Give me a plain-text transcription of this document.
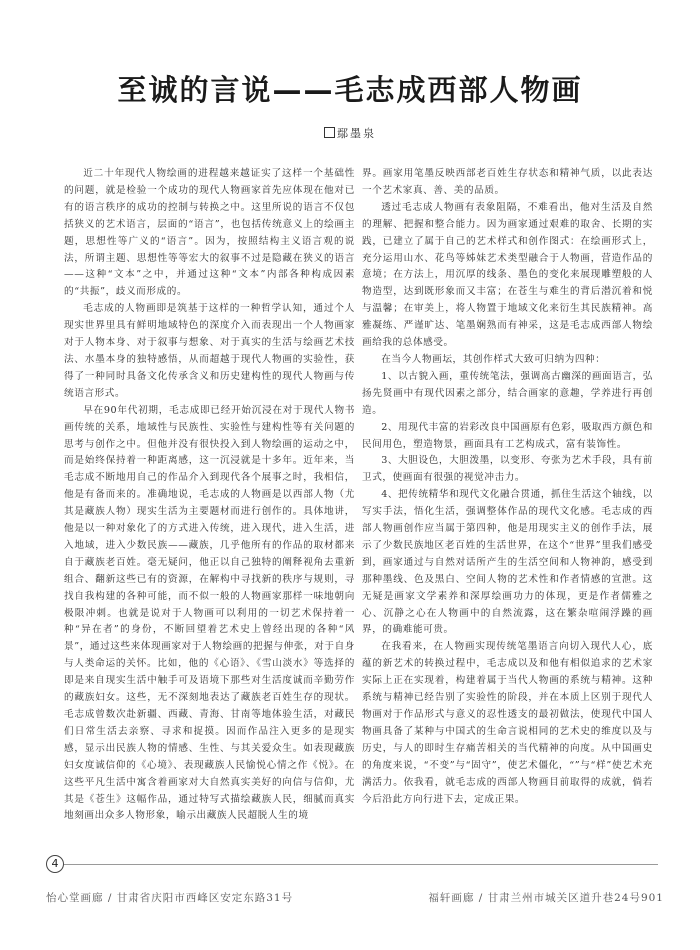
至诚的言说——毛志成西部人物画
鄢墨泉

近二十年现代人物绘画的进程越来越证实了这样一个基础性的问题，就是检验一个成功的现代人物画家首先应体现在他对已有的语言秩序的成功的控制与转换之中。这里所说的语言不仅包括狭义的艺术语言，层面的“语言”，也包括传统意义上的绘画主题，思想性等广义的“语言”。因为，按照结构主义语言观的说法，所谓主题、思想性等等宏大的叙事不过是隐藏在狭义的语言——这种“文本”之中，并通过这种“文本”内部各种构成因素的“共振”，歧义而形成的。

毛志成的人物画即是筑基于这样的一种哲学认知，通过个人现实世界里具有鲜明地域特色的深度介入而表现出一个人物画家对于人物本身、对于叙事与想象、对于真实的生活与绘画艺术技法、水墨本身的独特感悟，从而超越于现代人物画的实验性，获得了一种同时具备文化传承含义和历史建构性的现代人物画与传统语言形式。

早在90年代初期，毛志成即已经开始沉浸在对于现代人物书画传统的关系，地域性与民族性、实验性与建构性等有关问题的思考与创作之中。但他并没有很快投入到人物绘画的运动之中，而是始终保持着一种距离感，这一沉浸就是十多年。近年来，当毛志成不断地用自己的作品介入到现代各个展事之时，我相信，他是有备而来的。准确地说，毛志成的人物画是以西部人物（尤其是藏族人物）现实生活为主要题材而进行创作的。具体地讲，他是以一种对象化了的方式进入传统，进入现代，进入生活，进入地域，进入少数民族——藏族，几乎他所有的作品的取材都来自于藏族老百姓。毫无疑问，他正以自己独特的阐释视角去重新组合、翻新这些已有的资源，在解构中寻找新的秩序与规则，寻找自我构建的各种可能，而不似一般的人物画家那样一味地朝向极限冲刺。也就是说对于人物画可以利用的一切艺术保持着一种“异在者”的身份，不断回望着艺术史上曾经出现的各种“风景”，通过这些来体现画家对于人物绘画的把握与伸张，对于自身与人类命运的关怀。比如，他的《心语》、《雪山淡水》等选择的即是来自现实生活中触手可及语境下那些对生活度诚而辛勤劳作的藏族妇女。这些，无不深刻地表达了藏族老百姓生存的现状。毛志成曾数次赴新疆、西藏、青海、甘南等地体验生活，对藏民们日常生活去亲察、寻求和捉摸。因而作品注入更多的是现实感，显示出民族人物的情感、生性、与其关爱众生。如表现藏族妇女度诚信仰的《心境》、表现藏族人民愉悦心情之作《悦》。在这些平凡生活中寓含着画家对大自然真实美好的向信与信仰，尤其是《苍生》这幅作品，通过特写式描绘藏族人民，细腻而真实地刻画出众多人物形象，喻示出藏族人民超脱人生的境

界。画家用笔墨反映西部老百姓生存状态和精神气质，以此表达一个艺术家真、善、美的品质。

透过毛志成人物画有表象阻隔，不难看出，他对生活及自然的理解、把握和整合能力。因为画家通过艰难的取舍、长期的实践，已建立了属于自己的艺术样式和创作图式：在绘画形式上，充分运用山水、花鸟等姊妹艺术类型融合于人物画，营造作品的意境；在方法上，用沉厚的线条、墨色的变化来展现雕塑般的人物造型，达到既形象而又丰富；在苍生与难生的背后潜沉着和悦与温馨；在审美上，将人物置于地域文化来衍生其民族精神。高雅凝练、严谨旷达、笔墨娴熟而有神采，这是毛志成西部人物绘画给我的总体感受。

在当今人物画坛，其创作样式大致可归纳为四种：

1、以古貌入画，重传统笔法，强调高古幽深的画面语言，弘扬先贤画中有现代因素之部分，结合画家的意趣，学养进行再创造。

2、用现代丰富的岩彩改良中国画原有色彩，吸取西方颜色和民间用色，塑造物景，画面具有工艺构成式，富有装饰性。

3、大胆设色，大胆泼墨，以变形、夸张为艺术手段，具有前卫式，使画面有很强的视觉冲击力。

4、把传统精华和现代文化融合贯通，抓住生活这个轴线，以写实手法，悟化生活，强调整体作品的现代文化感。毛志成的西部人物画创作应当属于第四种，他是用现实主义的创作手法，展示了少数民族地区老百姓的生活世界，在这个“世界”里我们感受到，画家通过与自然对话所产生的生活空间和人物神韵，感受到那种墨线、色及黑白、空间人物的艺术性和作者情感的宣泄。这无疑是画家文学素养和深厚绘画功力的体现，更是作者儒雅之心、沉静之心在人物画中的自然流露，这在繁杂喧闹浮躁的画界，的确难能可贵。

在我看来，在人物画实现传统笔墨语言向切入现代人心，底蕴的新艺术的转换过程中，毛志成以及和他有相似追求的艺术家实际上正在实现着，构建着属于当代人物画的系统与精神。这种系统与精神已经告别了实验性的阶段，并在本质上区别于现代人物画对于作品形式与意义的忍性透支的最初做法，使现代中国人物画具备了某种与中国式的生命言说相同的艺术史的维度以及与历史，与人的即时生存痛苦相关的当代精神的向度。从中国画史的角度来说，“不变”与“固守”，使艺术僵化，“”与“样”使艺术充满活力。依我看，就毛志成的西部人物画目前取得的成就，倘若今后沿此方向行进下去，定成正果。

4
怡心堂画廊 / 甘肃省庆阳市西峰区安定东路31号	福轩画廊 / 甘肃兰州市城关区道升巷24号901
